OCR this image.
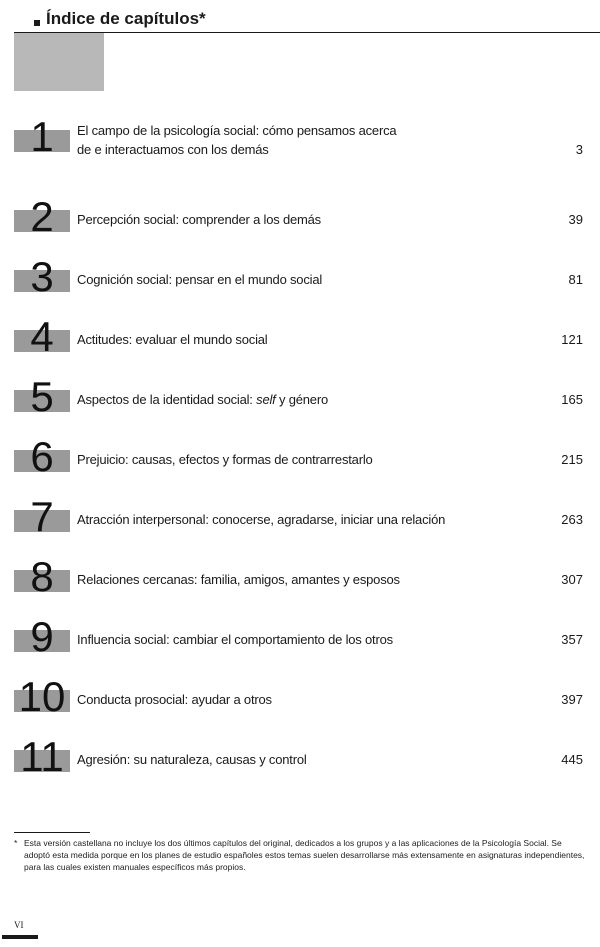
Índice de capítulos*
1	El campo de la psicología social: cómo pensamos acerca
de e interactuamos con los demás	3
2	Percepción social: comprender a los demás	39
3	Cognición social: pensar en el mundo social	81
4	Actitudes: evaluar el mundo social	121
5	Aspectos de la identidad social: self y género	165
6	Prejuicio: causas, efectos y formas de contrarrestarlo	215
7	Atracción interpersonal: conocerse, agradarse, iniciar una relación	263
8	Relaciones cercanas: familia, amigos, amantes y esposos	307
9	Influencia social: cambiar el comportamiento de los otros	357
10 Conducta prosocial: ayudar a otros	397
11	Agresión: su naturaleza, causas y control	445
* Esta versión castellana no incluye los dos últimos capítulos del original, dedicados a los grupos y a las aplicaciones de la Psicología Social. Se adoptó esta medida porque en los planes de estudio españoles estos temas suelen desarrollarse más extensamente en asignaturas independientes, para las cuales existen manuales específicos más propios.
VI
